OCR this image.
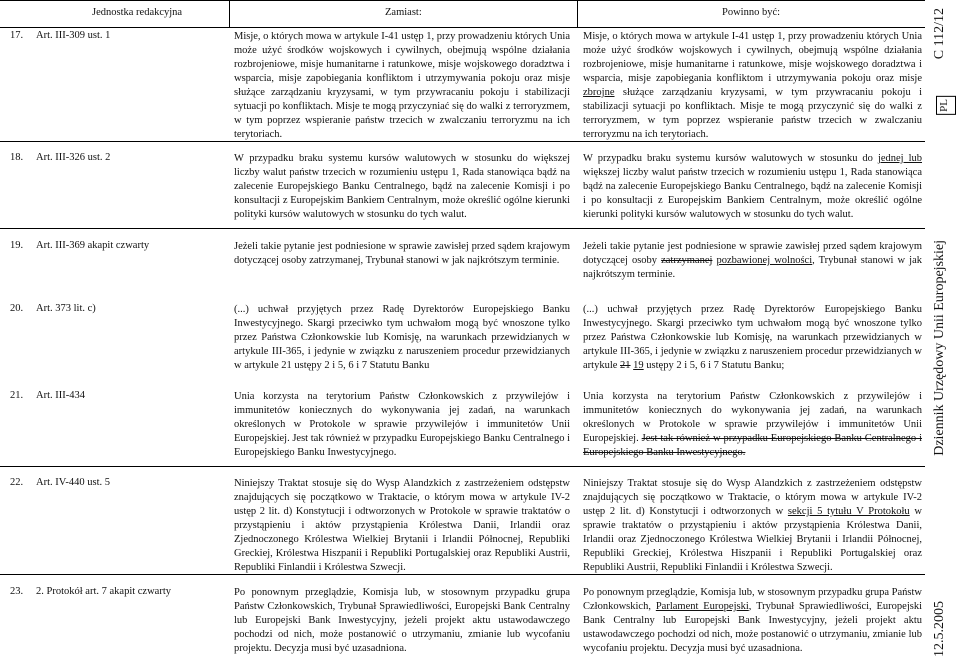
Jednostka redakcyjna	Zamiast:	Powinno być:
17. Art. III-309 ust. 1	Misje, o których mowa w artykule I-41 ustęp 1, przy prowadzeniu których Unia może użyć środków wojskowych i cywilnych, obejmują wspólne działania rozbrojeniowe, misje humanitarne i ratunkowe, misje wojskowego doradztwa i wsparcia, misje zapobiegania konfliktom i utrzymywania pokoju oraz misje służące zarządzaniu kryzysami, w tym przywracaniu pokoju i stabilizacji sytuacji po konfliktach. Misje te mogą przyczyniać się do walki z terroryzmem, w tym poprzez wspieranie państw trzecich w zwalczaniu terroryzmu na ich terytoriach.
Misje, o których mowa w artykule I-41 ustęp 1, przy prowadzeniu których Unia może użyć środków wojskowych i cywilnych, obejmują wspólne działania rozbrojeniowe, misje humanitarne i ratunkowe, misje wojskowego doradztwa i wsparcia, misje zapobiegania konfliktom i utrzymywania pokoju oraz misje zbrojne służące zarządzaniu kryzysami, w tym przywracaniu pokoju i stabilizacji sytuacji po konfliktach. Misje te mogą przyczynić się do walki z terroryzmem, w tym poprzez wspieranie państw trzecich w zwalczaniu terroryzmu na ich terytoriach.
18. Art. III-326 ust. 2	W przypadku braku systemu kursów walutowych w stosunku do większej liczby walut państw trzecich w rozumieniu ustępu 1, Rada stanowiąca bądź na zalecenie Europejskiego Banku Centralnego, bądź na zalecenie Komisji i po konsultacji z Europejskim Bankiem Centralnym, może określić ogólne kierunki polityki kursów walutowych w stosunku do tych walut.
W przypadku braku systemu kursów walutowych w stosunku do jednej lub większej liczby walut państw trzecich w rozumieniu ustępu 1, Rada stanowiąca bądź na zalecenie Europejskiego Banku Centralnego, bądź na zalecenie Komisji i po konsultacji z Europejskim Bankiem Centralnym, może określić ogólne kierunki polityki kursów walutowych w stosunku do tych walut.
19. Art. III-369 akapit czwarty	Jeżeli takie pytanie jest podniesione w sprawie zawisłej przed sądem krajowym dotyczącej osoby zatrzymanej, Trybunał stanowi w jak najkrótszym terminie.
Jeżeli takie pytanie jest podniesione w sprawie zawisłej przed sądem krajowym dotyczącej osoby zatrzymanej pozbawionej wolności, Trybunał stanowi w jak najkrótszym terminie.
20. Art. 373 lit. c)	(...) uchwał przyjętych przez Radę Dyrektorów Europejskiego Banku Inwestycyjnego. Skargi przeciwko tym uchwałom mogą być wnoszone tylko przez Państwa Członkowskie lub Komisję, na warunkach przewidzianych w artykule III-365, i jedynie w związku z naruszeniem procedur przewidzianych w artykule 21 ustępy 2 i 5, 6 i 7 Statutu Banku
(...) uchwał przyjętych przez Radę Dyrektorów Europejskiego Banku Inwestycyjnego. Skargi przeciwko tym uchwałom mogą być wnoszone tylko przez Państwa Członkowskie lub Komisję, na warunkach przewidzianych w artykule III-365, i jedynie w związku z naruszeniem procedur przewidzianych w artykule 21 19 ustępy 2 i 5, 6 i 7 Statutu Banku;
21. Art. III-434	Unia korzysta na terytorium Państw Członkowskich z przywilejów i immunitetów koniecznych do wykonywania jej zadań, na warunkach określonych w Protokole w sprawie przywilejów i immunitetów Unii Europejskiej. Jest tak również w przypadku Europejskiego Banku Centralnego i Europejskiego Banku Inwestycyjnego.
Unia korzysta na terytorium Państw Członkowskich z przywilejów i immunitetów koniecznych do wykonywania jej zadań, na warunkach określonych w Protokole w sprawie przywilejów i immunitetów Unii Europejskiej. Jest tak również w przypadku Europejskiego Banku Centralnego i Europejskiego Banku Inwestycyjnego.
22. Art. IV-440 ust. 5	Niniejszy Traktat stosuje się do Wysp Alandzkich z zastrzeżeniem odstępstw znajdujących się początkowo w Traktacie, o którym mowa w artykule IV-2 ustęp 2 lit. d) Konstytucji i odtworzonych w Protokole w sprawie traktatów o przystąpieniu i aktów przystąpienia Królestwa Danii, Irlandii oraz Zjednoczonego Królestwa Wielkiej Brytanii i Irlandii Północnej, Republiki Greckiej, Królestwa Hiszpanii i Republiki Portugalskiej oraz Republiki Austrii, Republiki Finlandii i Królestwa Szwecji.
Niniejszy Traktat stosuje się do Wysp Alandzkich z zastrzeżeniem odstępstw znajdujących się początkowo w Traktacie, o którym mowa w artykule IV-2 ustęp 2 lit. d) Konstytucji i odtworzonych w sekcji 5 tytułu V Protokołu w sprawie traktatów o przystąpieniu i aktów przystąpienia Królestwa Danii, Irlandii oraz Zjednoczonego Królestwa Wielkiej Brytanii i Irlandii Północnej, Republiki Greckiej, Królestwa Hiszpanii i Republiki Portugalskiej oraz Republiki Austrii, Republiki Finlandii i Królestwa Szwecji.
23. 2. Protokół art. 7 akapit czwarty	Po ponownym przeglądzie, Komisja lub, w stosownym przypadku grupa Państw Członkowskich, Trybunał Sprawiedliwości, Europejski Bank Centralny lub Europejski Bank Inwestycyjny, jeżeli projekt aktu ustawodawczego pochodzi od nich, może postanowić o utrzymaniu, zmianie lub wycofaniu projektu. Decyzja musi być uzasadniona.
Po ponownym przeglądzie, Komisja lub, w stosownym przypadku grupa Państw Członkowskich, Parlament Europejski, Trybunał Sprawiedliwości, Europejski Bank Centralny lub Europejski Bank Inwestycyjny, jeżeli projekt aktu ustawodawczego pochodzi od nich, może postanowić o utrzymaniu, zmianie lub wycofaniu projektu. Decyzja musi być uzasadniona.
C 112/12
PL
Dziennik Urzędowy Unii Europejskiej
12.5.2005
